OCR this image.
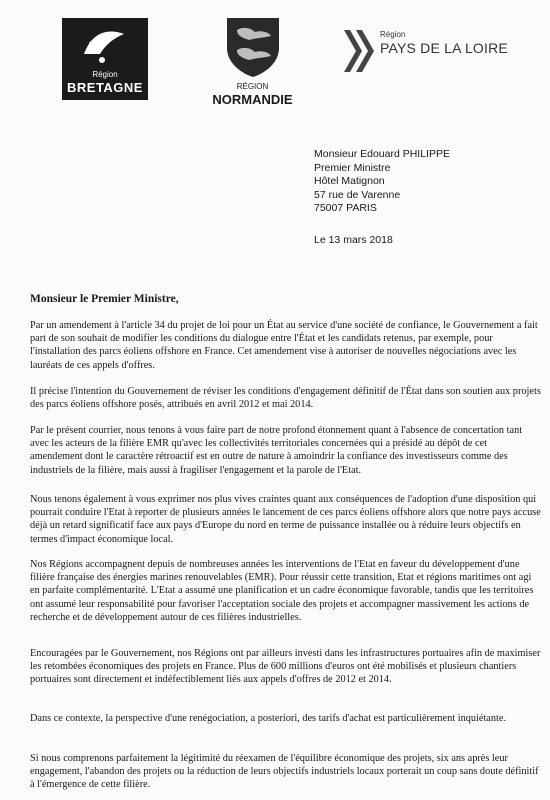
Région
BRETAGNE	RÉGION
NORMANDIE
Région
PAYS DE LA LOIRE
Monsieur Edouard PHILIPPE
Premier Ministre
Hôtel Matignon
57 rue de Varenne
75007 PARIS
Le 13 mars 2018
Monsieur le Premier Ministre,

Par un amendement à l'article 34 du projet de loi pour un État au service d'une société de confiance, le Gouvernement a fait part de son souhait de modifier les conditions du dialogue entre l'État et les candidats retenus, par exemple, pour l'installation des parcs éoliens offshore en France. Cet amendement vise à autoriser de nouvelles négociations avec les lauréats de ces appels d'offres.

Il précise l'intention du Gouvernement de réviser les conditions d'engagement définitif de l'État dans son soutien aux projets des parcs éoliens offshore posés, attribués en avril 2012 et mai 2014.

Par le présent courrier, nous tenons à vous faire part de notre profond étonnement quant à l'absence de concertation tant avec les acteurs de la filière EMR qu'avec les collectivités territoriales concernées qui a présidé au dépôt de cet amendement dont le caractère rétroactif est en outre de nature à amoindrir la confiance des investisseurs comme des industriels de la filière, mais aussi à fragiliser l'engagement et la parole de l'Etat.

Nous tenons également à vous exprimer nos plus vives craintes quant aux conséquences de l'adoption d'une disposition qui pourrait conduire l'Etat à reporter de plusieurs années le lancement de ces parcs éoliens offshore alors que notre pays accuse déjà un retard significatif face aux pays d'Europe du nord en terme de puissance installée ou à réduire leurs objectifs en termes d'impact économique local.

Nos Régions accompagnent depuis de nombreuses années les interventions de l'Etat en faveur du développement d'une filière française des énergies marines renouvelables (EMR). Pour réussir cette transition, Etat et régions maritimes ont agi en parfaite complémentarité. L'Etat a assumé une planification et un cadre économique favorable, tandis que les territoires ont assumé leur responsabilité pour favoriser l'acceptation sociale des projets et accompagner massivement les actions de recherche et de développement autour de ces filières industrielles.

Encouragées par le Gouvernement, nos Régions ont par ailleurs investi dans les infrastructures portuaires afin de maximiser les retombées économiques des projets en France. Plus de 600 millions d'euros ont été mobilisés et plusieurs chantiers portuaires sont directement et indéfectiblement liés aux appels d'offres de 2012 et 2014.

Dans ce contexte, la perspective d'une renégociation, a posteriori, des tarifs d'achat est particulièrement inquiétante.

Si nous comprenons parfaitement la légitimité du réexamen de l'équilibre économique des projets, six ans après leur engagement, l'abandon des projets ou la réduction de leurs objectifs industriels locaux porterait un coup sans doute définitif à l'émergence de cette filière.
